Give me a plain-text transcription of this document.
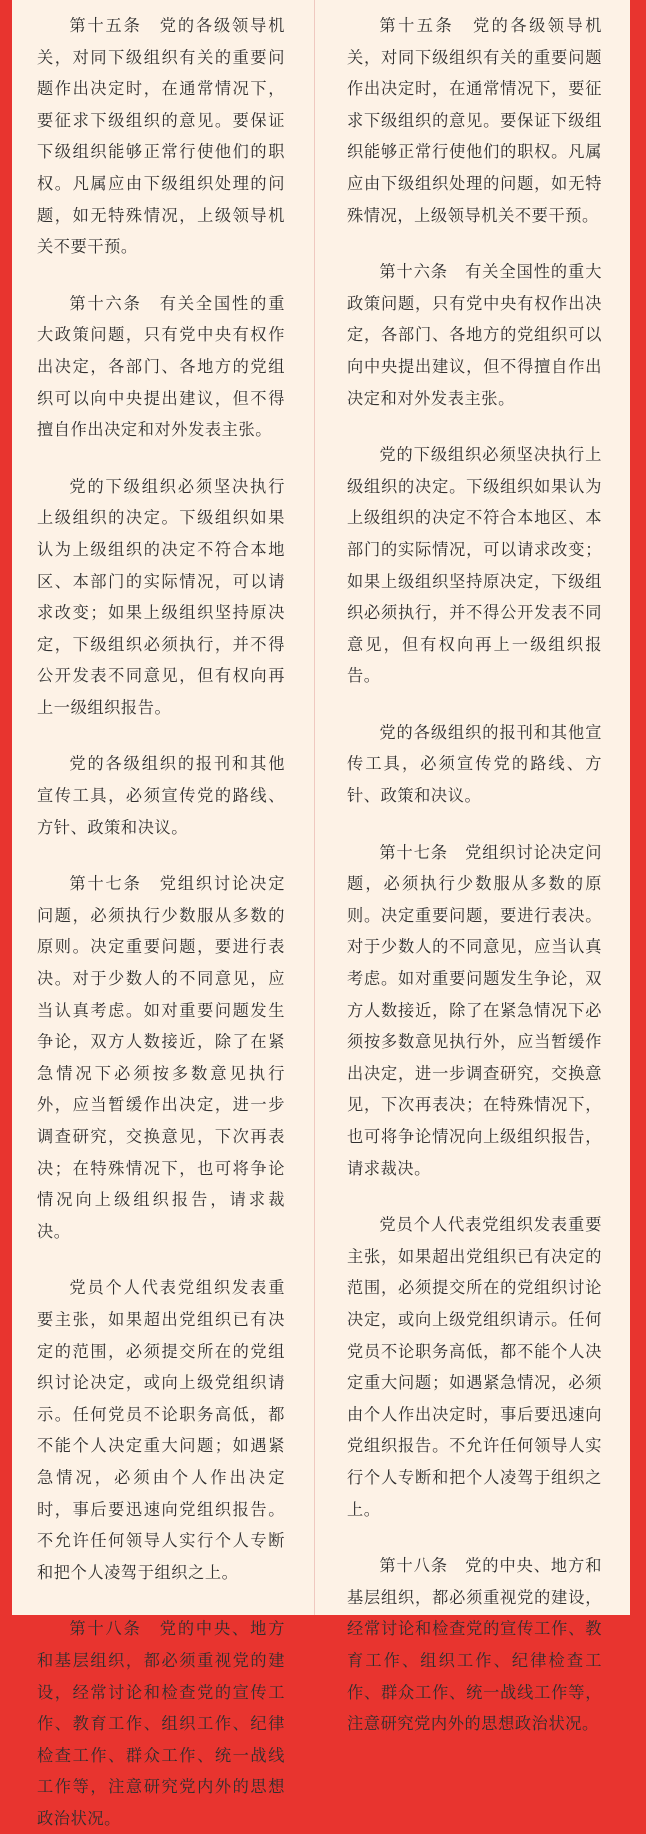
第十五条　党的各级领导机关，对同下级组织有关的重要问题作出决定时，在通常情况下，要征求下级组织的意见。要保证下级组织能够正常行使他们的职权。凡属应由下级组织处理的问题，如无特殊情况，上级领导机关不要干预。

第十六条　有关全国性的重大政策问题，只有党中央有权作出决定，各部门、各地方的党组织可以向中央提出建议，但不得擅自作出决定和对外发表主张。

党的下级组织必须坚决执行上级组织的决定。下级组织如果认为上级组织的决定不符合本地区、本部门的实际情况，可以请求改变；如果上级组织坚持原决定，下级组织必须执行，并不得公开发表不同意见，但有权向再上一级组织报告。

党的各级组织的报刊和其他宣传工具，必须宣传党的路线、方针、政策和决议。

第十七条　党组织讨论决定问题，必须执行少数服从多数的原则。决定重要问题，要进行表决。对于少数人的不同意见，应当认真考虑。如对重要问题发生争论，双方人数接近，除了在紧急情况下必须按多数意见执行外，应当暂缓作出决定，进一步调查研究，交换意见，下次再表决；在特殊情况下，也可将争论情况向上级组织报告，请求裁决。

党员个人代表党组织发表重要主张，如果超出党组织已有决定的范围，必须提交所在的党组织讨论决定，或向上级党组织请示。任何党员不论职务高低，都不能个人决定重大问题；如遇紧急情况，必须由个人作出决定时，事后要迅速向党组织报告。不允许任何领导人实行个人专断和把个人凌驾于组织之上。

第十八条　党的中央、地方和基层组织，都必须重视党的建设，经常讨论和检查党的宣传工作、教育工作、组织工作、纪律检查工作、群众工作、统一战线工作等，注意研究党内外的思想政治状况。

第十五条　党的各级领导机关，对同下级组织有关的重要问题作出决定时，在通常情况下，要征求下级组织的意见。要保证下级组织能够正常行使他们的职权。凡属应由下级组织处理的问题，如无特殊情况，上级领导机关不要干预。

第十六条　有关全国性的重大政策问题，只有党中央有权作出决定，各部门、各地方的党组织可以向中央提出建议，但不得擅自作出决定和对外发表主张。

党的下级组织必须坚决执行上级组织的决定。下级组织如果认为上级组织的决定不符合本地区、本部门的实际情况，可以请求改变；如果上级组织坚持原决定，下级组织必须执行，并不得公开发表不同意见，但有权向再上一级组织报告。

党的各级组织的报刊和其他宣传工具，必须宣传党的路线、方针、政策和决议。

第十七条　党组织讨论决定问题，必须执行少数服从多数的原则。决定重要问题，要进行表决。对于少数人的不同意见，应当认真考虑。如对重要问题发生争论，双方人数接近，除了在紧急情况下必须按多数意见执行外，应当暂缓作出决定，进一步调查研究，交换意见，下次再表决；在特殊情况下，也可将争论情况向上级组织报告，请求裁决。

党员个人代表党组织发表重要主张，如果超出党组织已有决定的范围，必须提交所在的党组织讨论决定，或向上级党组织请示。任何党员不论职务高低，都不能个人决定重大问题；如遇紧急情况，必须由个人作出决定时，事后要迅速向党组织报告。不允许任何领导人实行个人专断和把个人凌驾于组织之上。

第十八条　党的中央、地方和基层组织，都必须重视党的建设，经常讨论和检查党的宣传工作、教育工作、组织工作、纪律检查工作、群众工作、统一战线工作等，注意研究党内外的思想政治状况。
